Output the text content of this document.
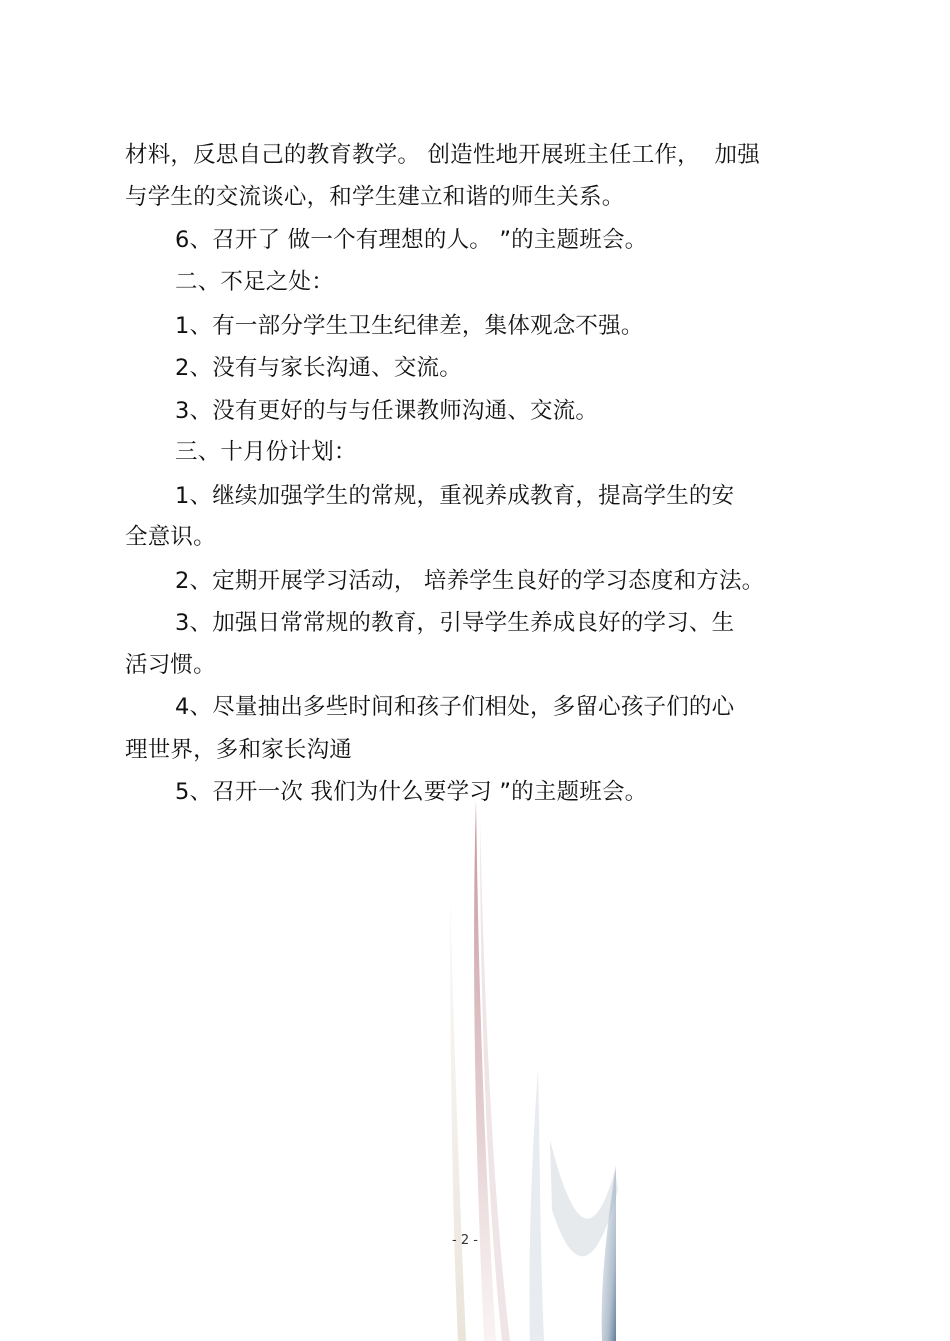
材料，反思自己的教育教学。 创造性地开展班主任工作，  加强
与学生的交流谈心，和学生建立和谐的师生关系。
6、召开了 做一个有理想的人。 ”的主题班会。
二、不足之处：
1、有一部分学生卫生纪律差，集体观念不强。
2、没有与家长沟通、交流。
3、没有更好的与与任课教师沟通、交流。
三、十月份计划：
1、继续加强学生的常规，重视养成教育，提高学生的安
全意识。
2、定期开展学习活动， 培养学生良好的学习态度和方法。
3、加强日常常规的教育，引导学生养成良好的学习、生
活习惯。
4、尽量抽出多些时间和孩子们相处，多留心孩子们的心
理世界，多和家长沟通
5、召开一次 我们为什么要学习 ”的主题班会。
- 2 -
